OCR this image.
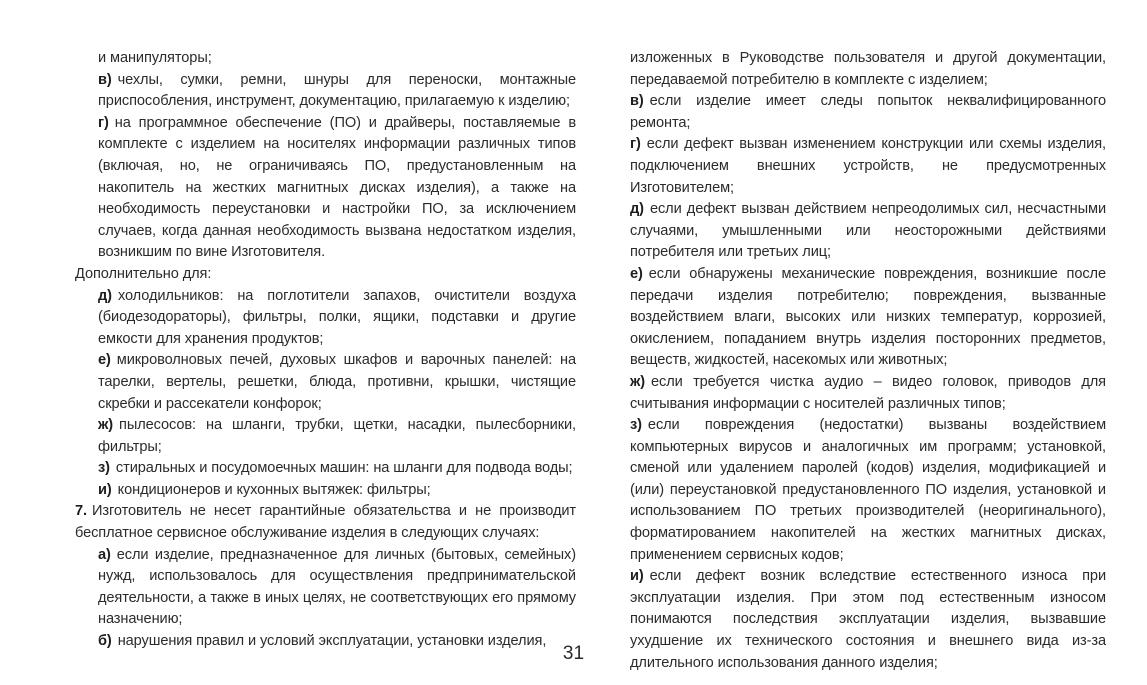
и манипуляторы;

в) чехлы, сумки, ремни, шнуры для переноски, монтажные приспособления, инструмент, документацию, прилагаемую к изделию;

г) на программное обеспечение (ПО) и драйверы, поставляемые в комплекте с изделием на носителях информации различных типов (включая, но, не ограничиваясь ПО, предустановленным на накопитель на жестких магнитных дисках изделия), а также на необходимость переустановки и настройки ПО, за исключением случаев, когда данная необходимость вызвана недостатком изделия, возникшим по вине Изготовителя.

Дополнительно для:

д) холодильников: на поглотители запахов, очистители воздуха (биодезодораторы), фильтры, полки, ящики, подставки и другие емкости для хранения продуктов;

е) микроволновых печей, духовых шкафов и варочных панелей: на тарелки, вертелы, решетки, блюда, противни, крышки, чистящие скребки и рассекатели конфорок;

ж) пылесосов: на шланги, трубки, щетки, насадки, пылесборники, фильтры;

з) стиральных и посудомоечных машин: на шланги для подвода воды;

и) кондиционеров и кухонных вытяжек: фильтры;

7. Изготовитель не несет гарантийные обязательства и не производит бесплатное сервисное обслуживание изделия в следующих случаях:

а) если изделие, предназначенное для личных (бытовых, семейных) нужд, использовалось для осуществления предпринимательской деятельности, а также в иных целях, не соответствующих его прямому назначению;

б) нарушения правил и условий эксплуатации, установки изделия,

изложенных в Руководстве пользователя и другой документации, передаваемой потребителю в комплекте с изделием;

в) если изделие имеет следы попыток неквалифицированного ремонта;

г) если дефект вызван изменением конструкции или схемы изделия, подключением внешних устройств, не предусмотренных Изготовителем;

д) если дефект вызван действием непреодолимых сил, несчастными случаями, умышленными или неосторожными действиями потребителя или третьих лиц;

е) если обнаружены механические повреждения, возникшие после передачи изделия потребителю; повреждения, вызванные воздействием влаги, высоких или низких температур, коррозией, окислением, попаданием внутрь изделия посторонних предметов, веществ, жидкостей, насекомых или животных;

ж) если требуется чистка аудио – видео головок, приводов для считывания информации с носителей различных типов;

з) если повреждения (недостатки) вызваны воздействием компьютерных вирусов и аналогичных им программ; установкой, сменой или удалением паролей (кодов) изделия, модификацией и (или) переустановкой предустановленного ПО изделия, установкой и использованием ПО третьих производителей (неоригинального), форматированием накопителей на жестких магнитных дисках, применением сервисных кодов;

и) если дефект возник вследствие естественного износа при эксплуатации изделия. При этом под естественным износом понимаются последствия эксплуатации изделия, вызвавшие ухудшение их технического состояния и внешнего вида из-за длительного использования данного изделия;

31
